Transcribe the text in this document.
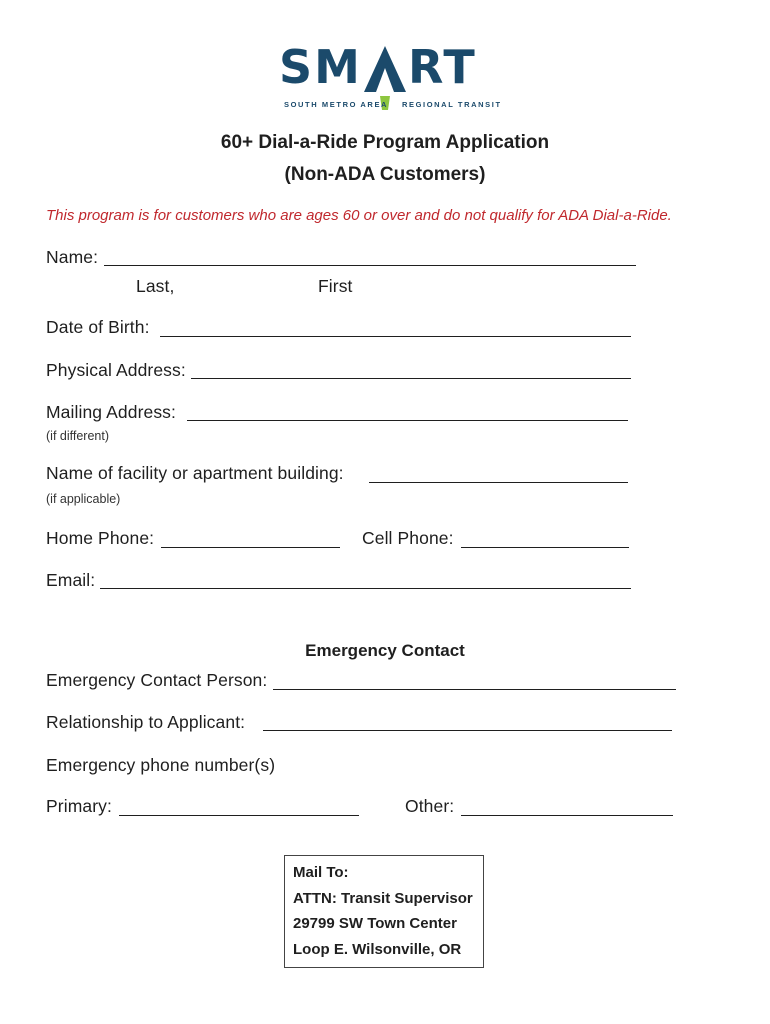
SM RT
SOUTH METRO AREA REGIONAL TRANSIT
60+ Dial-a-Ride Program Application
(Non-ADA Customers)
This program is for customers who are ages 60 or over and do not qualify for ADA Dial-a-Ride.
Name:
Last,	First
Date of Birth:
Physical Address:
Mailing Address:
(if different)
Name of facility or apartment building:
(if applicable)
Home Phone:	Cell Phone:
Email:
Emergency Contact
Emergency Contact Person:
Relationship to Applicant:
Emergency phone number(s)
Primary:	Other:
Mail To:
ATTN: Transit Supervisor
29799 SW Town Center
Loop E. Wilsonville, OR
